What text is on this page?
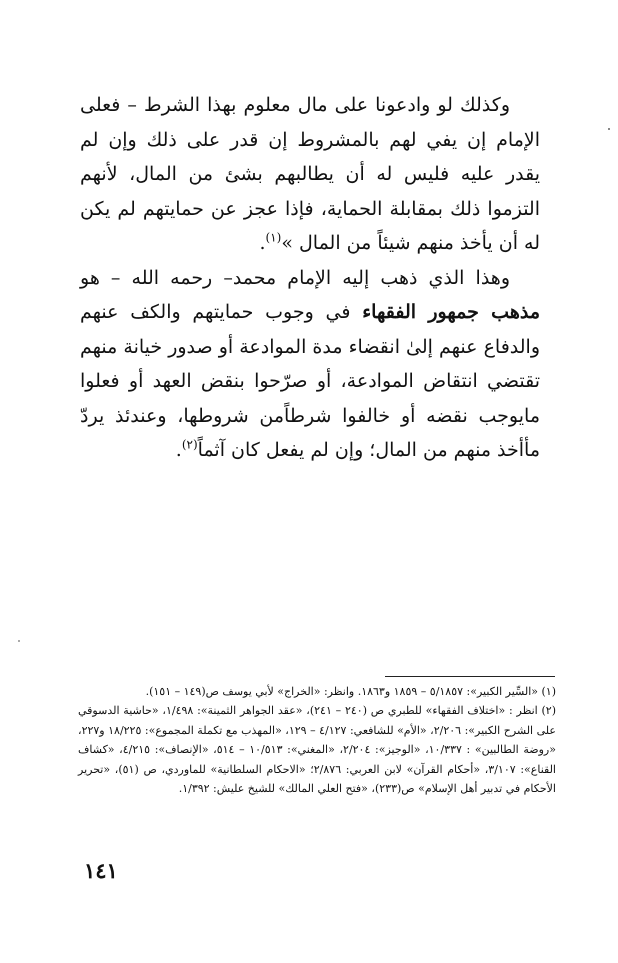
وكذلك لو وادعونا على مال معلوم بهذا الشرط – فعلى الإمام إن يفي لهم بالمشروط إن قدر على ذلك وإن لم يقدر عليه فليس له أن يطالبهم بشئ من المال، لأنهم التزموا ذلك بمقابلة الحماية، فإذا عجز عن حمايتهم لم يكن له أن يأخذ منهم شيئاً من المال »$^{(١)}$.

وهذا الذي ذهب إليه الإمام محمد– رحمه الله – هو مذهب جمهور الفقهاء في وجوب حمايتهم والكف عنهم والدفاع عنهم إلىٰ انقضاء مدة الموادعة أو صدور خيانة منهم تقتضي انتقاض الموادعة، أو صرّحوا بنقض العهد أو فعلوا مايوجب نقضه أو خالفوا شرطاًمن شروطها، وعندئذ يردّ مأأخذ منهم من المال؛ وإن لم يفعل كان آثماً$^{(٢)}$.

(١) «السِّير الكبير»: ٥/١٨٥٧ – ١٨٥٩ و١٨٦٣. وانظر: «الخراج» لأبي يوسف ص(١٤٩ – ١٥١).

(٢) انظر : «اختلاف الفقهاء» للطبري ص (٢٤٠ – ٢٤١)، «عقد الجواهر الثمينة»: ١/٤٩٨، «حاشية الدسوقي على الشرح الكبير»: ٢/٢٠٦، «الأم» للشافعي: ٤/١٢٧ – ١٢٩، «المهذب مع تكملة المجموع»: ١٨/٢٢٥ و٢٢٧، «روضة الطالبين» : ١٠/٣٣٧، «الوجيز»: ٢/٢٠٤، «المغني»: ١٠/٥١٣ – ٥١٤، «الإنصاف»: ٤/٢١٥، «كشاف القناع»: ٣/١٠٧، «أحكام القرآن» لابن العربي: ٢/٨٧٦؛ «الاحكام السلطانية» للماوردي، ص (٥١)، «تحرير الأحكام في تدبير أهل الإسلام» ص(٢٣٣)، «فتح العلي المالك» للشيخ عليش: ١/٣٩٢.

١٤١
